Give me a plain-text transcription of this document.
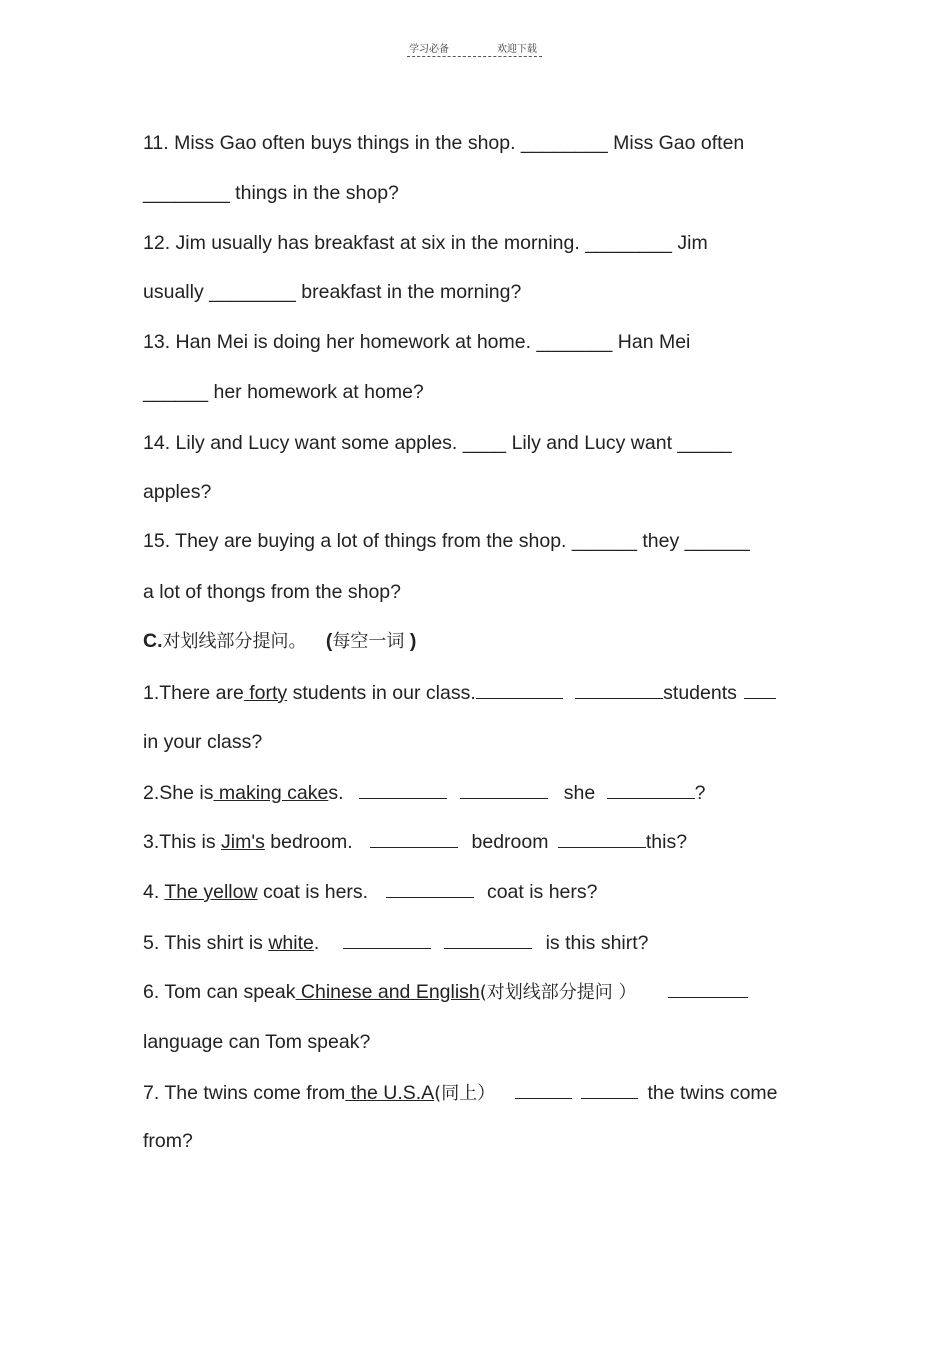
学习必备	欢迎下载
11. Miss Gao often buys things in the shop. ________ Miss Gao often
________ things in the shop?
12. Jim usually has breakfast at six in the morning. ________ Jim
usually ________ breakfast in the morning?
13. Han Mei is doing her homework at home. _______ Han Mei
______ her homework at home?
14. Lily and Lucy want some apples. ____ Lily and Lucy want _____
apples?
15. They are buying a lot of things from the shop. ______ they ______
a lot of thongs from the shop?
C.对划线部分提问。 (每空一词 )
1.There are forty students in our class.	students
in your class?
2.She is making cakes.	she	?
3.This is Jim's bedroom.	bedroom	this?
4. The yellow coat is hers.	coat is hers?
5. This shirt is white.	is this shirt?
6. Tom can speak Chinese and English(对划线部分提问 ）
language can Tom speak?
7. The twins come from the U.S.A(同上）	the twins come
from?
